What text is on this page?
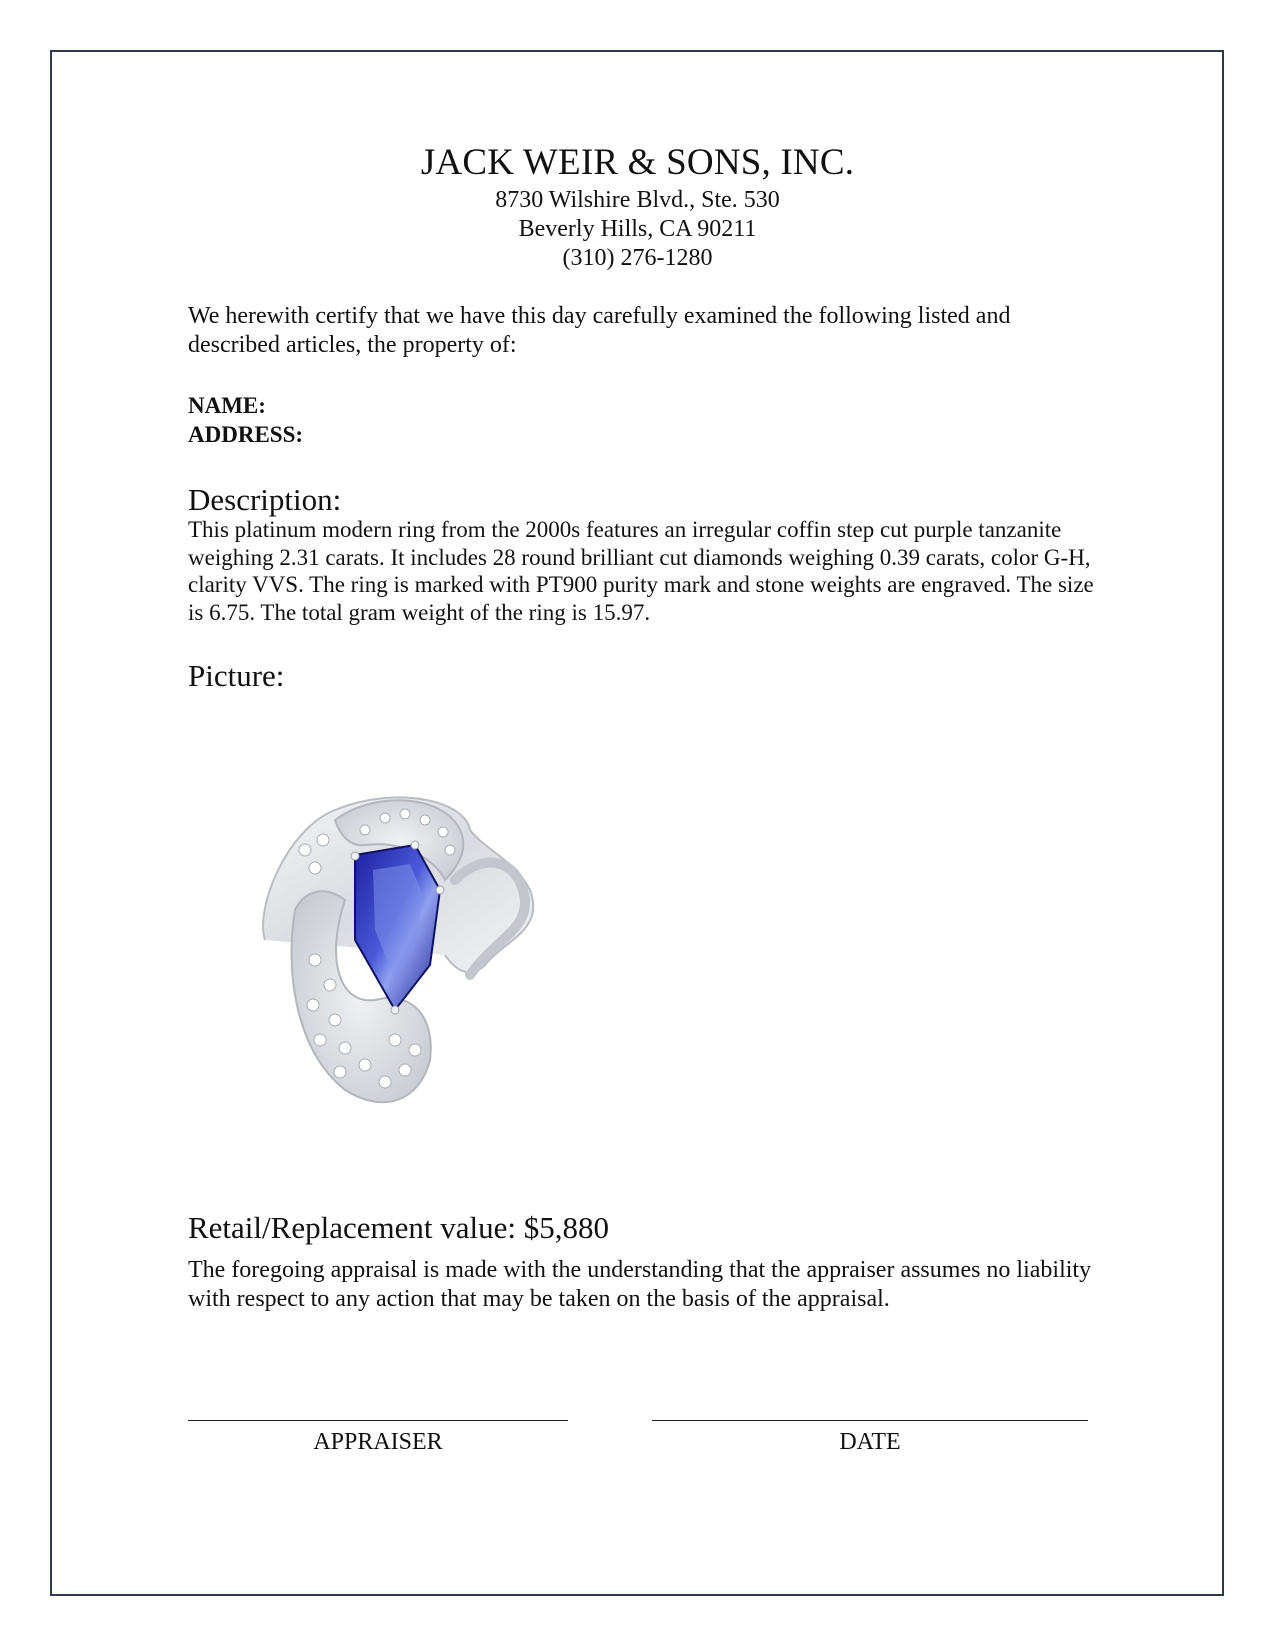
JACK WEIR & SONS, INC.
8730 Wilshire Blvd., Ste. 530
Beverly Hills, CA 90211
(310) 276-1280
We herewith certify that we have this day carefully examined the following listed and described articles, the property of:
NAME:
ADDRESS:
Description:
This platinum modern ring from the 2000s features an irregular coffin step cut purple tanzanite weighing 2.31 carats. It includes 28 round brilliant cut diamonds weighing 0.39 carats, color G-H, clarity VVS. The ring is marked with PT900 purity mark and stone weights are engraved. The size is 6.75. The total gram weight of the ring is 15.97.
Picture:
Retail/Replacement value: $5,880
The foregoing appraisal is made with the understanding that the appraiser assumes no liability with respect to any action that may be taken on the basis of the appraisal.
APPRAISER	DATE
